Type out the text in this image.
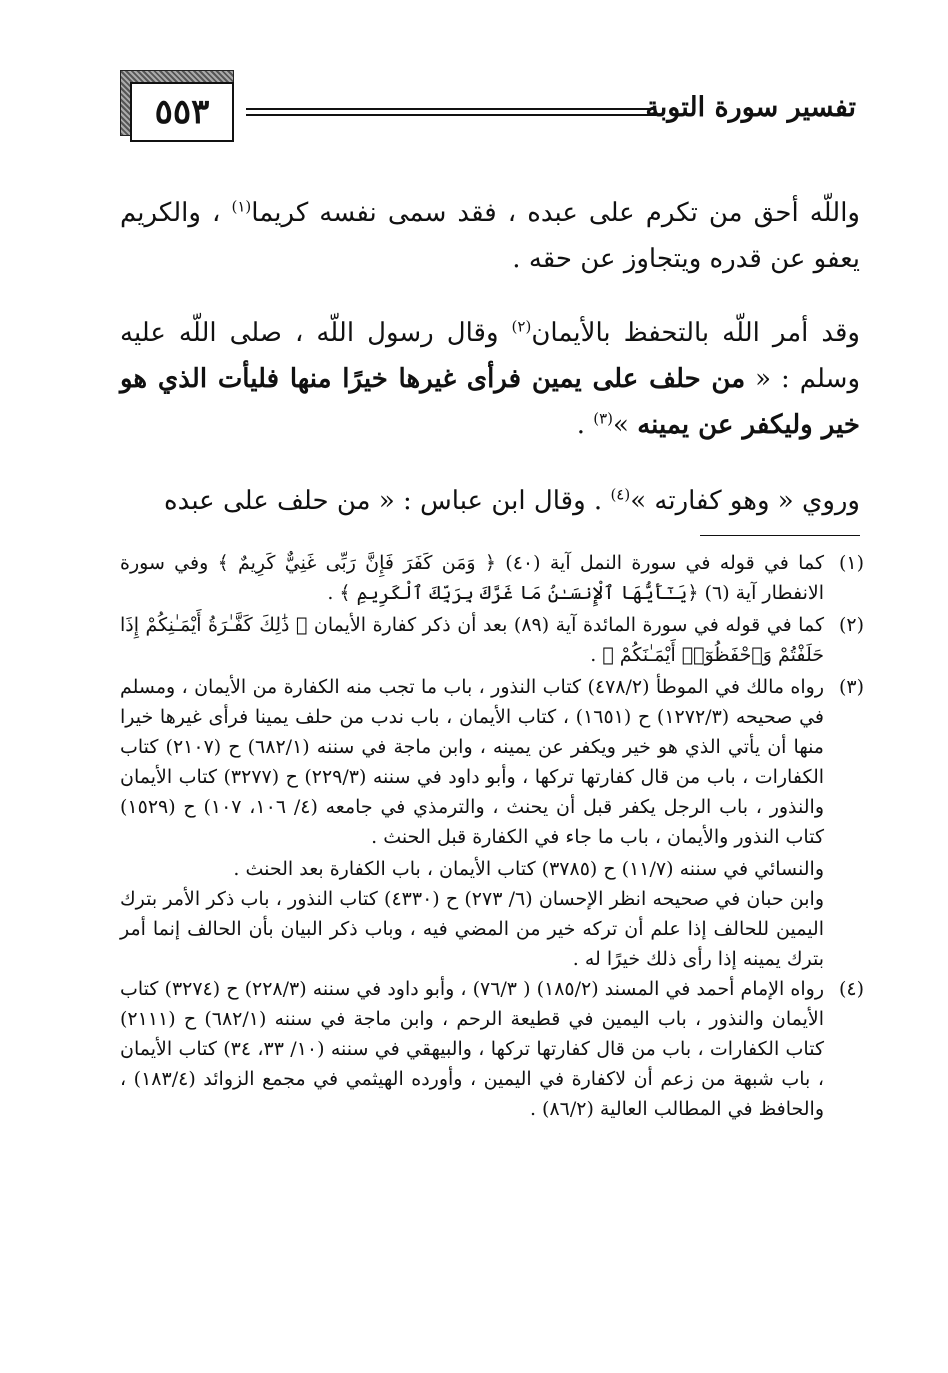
٥٥٣	تفسير سورة التوبة
واللّه أحق من تكرم على عبده ، فقد سمى نفسه كريما$^{(١)}$ ، والكريم يعفو عن قدره ويتجاوز عن حقه .
وقد أمر اللّه بالتحفظ بالأيمان$^{(٢)}$ وقال رسول اللّه ، صلى اللّه عليه وسلم : « من حلف على يمين فرأى غيرها خيرًا منها فليأت الذي هو خير وليكفر عن يمينه »$^{(٣)}$ .
وروي « وهو كفارته »$^{(٤)}$ . وقال ابن عباس : « من حلف على عبده
(١)
كما في قوله في سورة النمل آية (٤٠) ﴿ وَمَن كَفَرَ فَإِنَّ رَبِّى غَنِيٌّ كَرِيمٌ ﴾ وفي سورة الانفطار آية (٦) ﴿يَـٰٓأَيُّهَا ٱلْإِنسَـٰنُ مَا غَرَّكَ بِرَبِّكَ ٱلْكَرِيمِ ﴾ .
(٢)
كما في قوله في سورة المائدة آية (٨٩) بعد أن ذكر كفارة الأيمان ﴿ ذَٰلِكَ كَفَّـٰرَةُ أَيْمَـٰنِكُمْ إِذَا حَلَفْتُمْ وَٱحْفَظُوٓا۟ أَيْمَـٰنَكُمْ ﴾ .
(٣)
رواه مالك في الموطأ (٤٧٨/٢) كتاب النذور ، باب ما تجب منه الكفارة من الأيمان ، ومسلم في صحيحه (١٢٧٢/٣) ح (١٦٥١) ، كتاب الأيمان ، باب ندب من حلف يمينا فرأى غيرها خيرا منها أن يأتي الذي هو خير ويكفر عن يمينه ، وابن ماجة في سننه (٦٨٢/١) ح (٢١٠٧) كتاب الكفارات ، باب من قال كفارتها تركها ، وأبو داود في سننه (٢٢٩/٣) ح (٣٢٧٧) كتاب الأيمان والنذور ، باب الرجل يكفر قبل أن يحنث ، والترمذي في جامعه (٤/ ١٠٦، ١٠٧) ح (١٥٢٩) كتاب النذور والأيمان ، باب ما جاء في الكفارة قبل الحنث .

والنسائي في سننه (١١/٧) ح (٣٧٨٥) كتاب الأيمان ، باب الكفارة بعد الحنث .

وابن حبان في صحيحه انظر الإحسان (٦/ ٢٧٣) ح (٤٣٣٠) كتاب النذور ، باب ذكر الأمر بترك اليمين للحالف إذا علم أن تركه خير من المضي فيه ، وباب ذكر البيان بأن الحالف إنما أمر بترك يمينه إذا رأى ذلك خيرًا له .

(٤)
رواه الإمام أحمد في المسند (١٨٥/٢) ( ٧٦/٣) ، وأبو داود في سننه (٢٢٨/٣) ح (٣٢٧٤) كتاب الأيمان والنذور ، باب اليمين في قطيعة الرحم ، وابن ماجة في سننه (٦٨٢/١) ح (٢١١١) كتاب الكفارات ، باب من قال كفارتها تركها ، والبيهقي في سننه (١٠/ ٣٣، ٣٤) كتاب الأيمان ، باب شبهة من زعم أن لاكفارة في اليمين ، وأورده الهيثمي في مجمع الزوائد (١٨٣/٤) ، والحافظ في المطالب العالية (٨٦/٢) .
